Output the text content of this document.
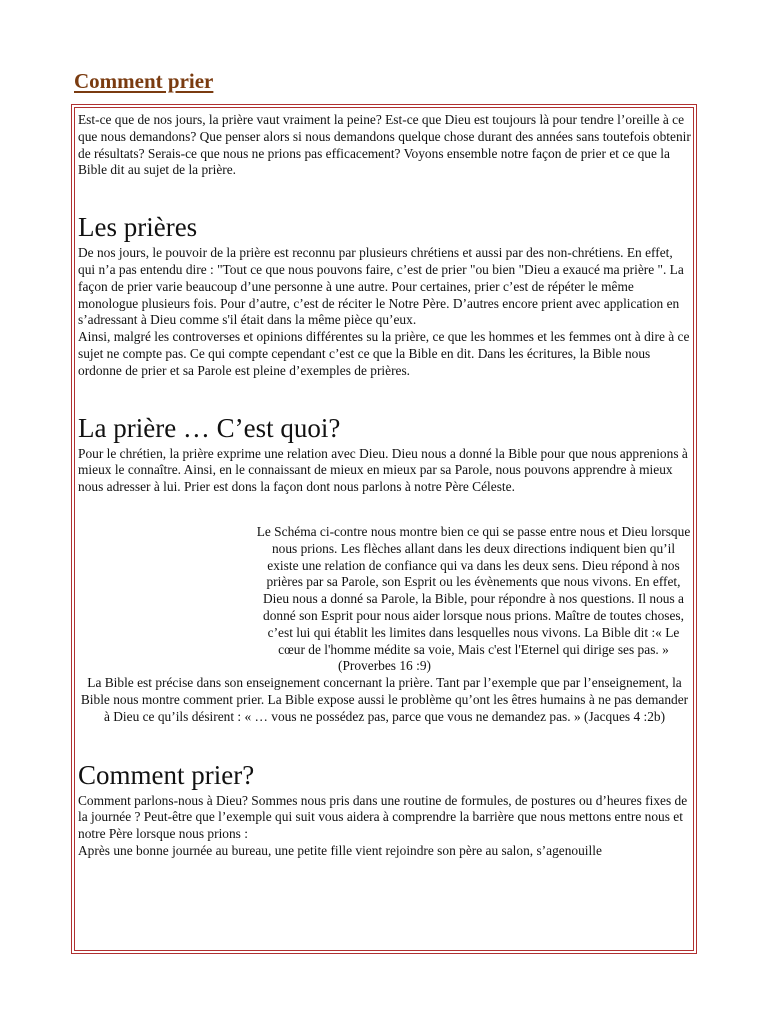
Comment prier

Est-ce que de nos jours, la prière vaut vraiment la peine? Est-ce que Dieu est toujours là pour tendre l’oreille à ce que nous demandons? Que penser alors si nous demandons quelque chose durant des années sans toutefois obtenir de résultats? Serais-ce que nous ne prions pas efficacement? Voyons ensemble notre façon de prier et ce que la Bible dit au sujet de la prière.

Les prières

De nos jours, le pouvoir de la prière est reconnu par plusieurs chrétiens et aussi par des non-chrétiens. En effet, qui n’a pas entendu dire : "Tout ce que nous pouvons faire, c’est de prier "ou bien "Dieu a exaucé ma prière ". La façon de prier varie beaucoup d’une personne à une autre. Pour certaines, prier c’est de répéter le même monologue plusieurs fois. Pour d’autre, c’est de réciter le Notre Père. D’autres encore prient avec application en s’adressant à Dieu comme s'il était dans la même pièce qu’eux.

Ainsi, malgré les controverses et opinions différentes su la prière, ce que les hommes et les femmes ont à dire à ce sujet ne compte pas. Ce qui compte cependant c’est ce que la Bible en dit. Dans les écritures, la Bible nous ordonne de prier et sa Parole est pleine d’exemples de prières.

La prière … C’est quoi?

Pour le chrétien, la prière exprime une relation avec Dieu. Dieu nous a donné la Bible pour que nous apprenions à mieux le connaître. Ainsi, en le connaissant de mieux en mieux par sa Parole, nous pouvons apprendre à mieux nous adresser à lui. Prier est dons la façon dont nous parlons à notre Père Céleste.

Le Schéma ci-contre nous montre bien ce qui se passe entre nous et Dieu lorsque nous prions. Les flèches allant dans les deux directions indiquent bien qu’il existe une relation de confiance qui va dans les deux sens. Dieu répond à nos prières par sa Parole, son Esprit ou les évènements que nous vivons. En effet, Dieu nous a donné sa Parole, la Bible, pour répondre à nos questions. Il nous a donné son Esprit pour nous aider lorsque nous prions. Maître de toutes choses, c’est lui qui établit les limites dans lesquelles nous vivons. La Bible dit :« Le cœur de l'homme médite sa voie, Mais c'est l'Eternel qui dirige ses pas. » (Proverbes 16 :9)

La Bible est précise dans son enseignement concernant la prière. Tant par l’exemple que par l’enseignement, la Bible nous montre comment prier. La Bible expose aussi le problème qu’ont les êtres humains à ne pas demander à Dieu ce qu’ils désirent : « … vous ne possédez pas, parce que vous ne demandez pas. » (Jacques 4 :2b)

Comment prier?

Comment parlons-nous à Dieu? Sommes nous pris dans une routine de formules, de postures ou d’heures fixes de la journée ? Peut-être que l’exemple qui suit vous aidera à comprendre la barrière que nous mettons entre nous et notre Père lorsque nous prions :

Après une bonne journée au bureau, une petite fille vient rejoindre son père au salon, s’agenouille
